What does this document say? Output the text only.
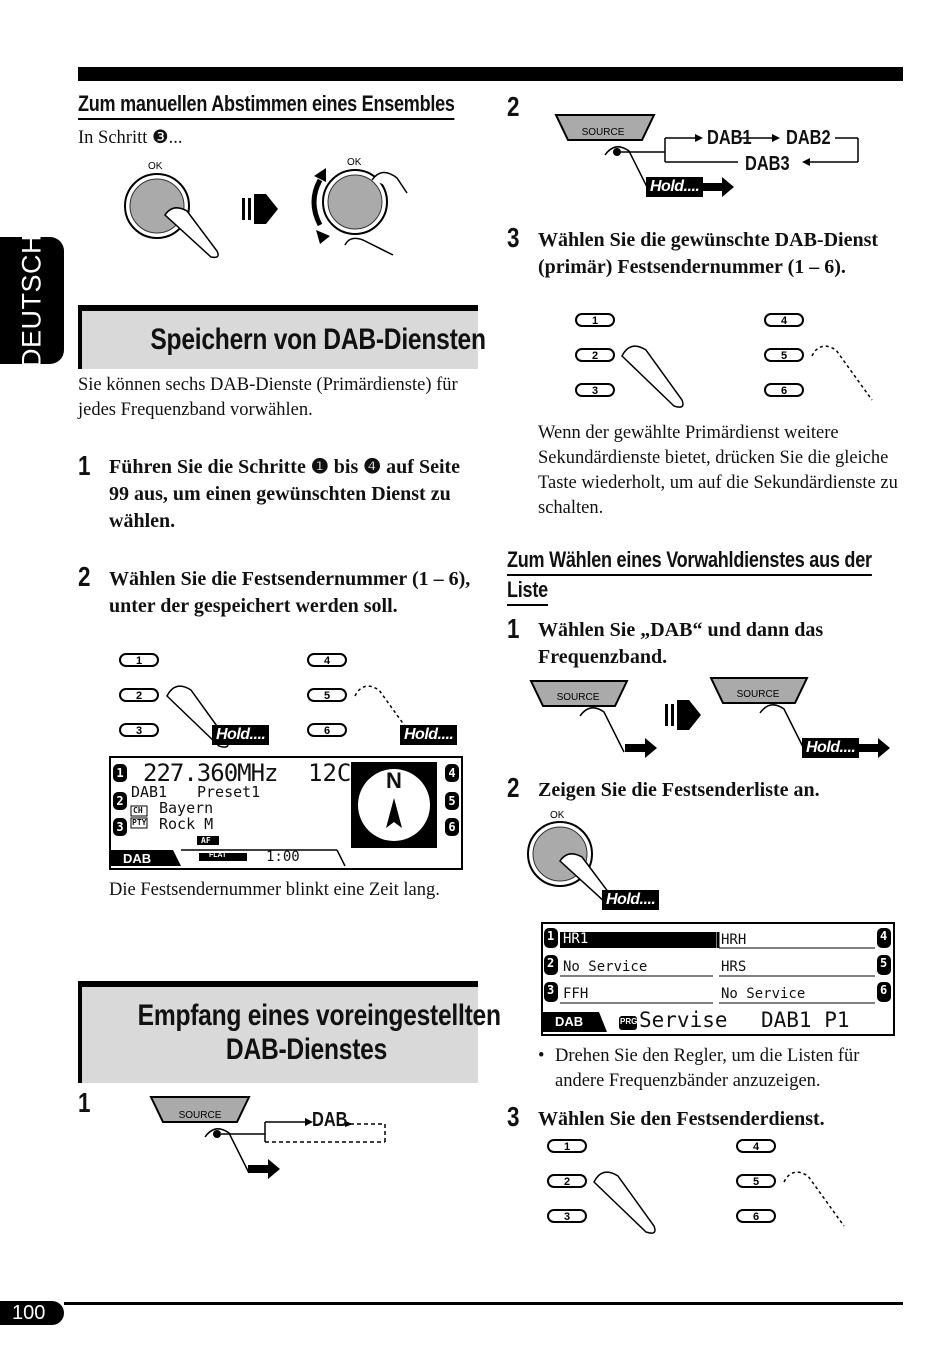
DEUTSCH
Zum manuellen Abstimmen eines Ensembles
In Schritt ❸...
OK	OK
Speichern von DAB-Diensten
Sie können sechs DAB-Dienste (Primärdienste) für jedes Frequenzband vorwählen.
1 Führen Sie die Schritte ❶ bis ❹ auf Seite 99 aus, um einen gewünschten Dienst zu wählen.
2 Wählen Sie die Festsendernummer (1 – 6), unter der gespeichert werden soll.
1
2
3
4
5
6
Hold....	Hold....
1
2
3
4
5
6
227.360MHz 12C
DAB1 Preset1
CH
PTY
Bayern
Rock M
AF
DAB	FLAT	1:00
N
Die Festsendernummer blinkt eine Zeit lang.
Empfang eines voreingestellten
DAB-Dienstes
1	SOURCE	DAB
2
SOURCE	DAB1 DAB2
DAB3
Hold....
3 Wählen Sie die gewünschte DAB-Dienst (primär) Festsendernummer (1 – 6).
1
2
3
4
5
6
Wenn der gewählte Primärdienst weitere Sekundärdienste bietet, drücken Sie die gleiche Taste wiederholt, um auf die Sekundärdienste zu schalten.
Zum Wählen eines Vorwahldienstes aus der
Liste
1 Wählen Sie „DAB“ und dann das Frequenzband.
SOURCE	SOURCE
Hold....
2 Zeigen Sie die Festsenderliste an.
OK
Hold....
1 HR1	HRH	4
2 No Service	HRS	5
3 FFH	No Service	6
DAB	PRG Servise DAB1 P1
• Drehen Sie den Regler, um die Listen für andere Frequenzbänder anzuzeigen.
3 Wählen Sie den Festsenderdienst.
1
2
3
4
5
6
100
